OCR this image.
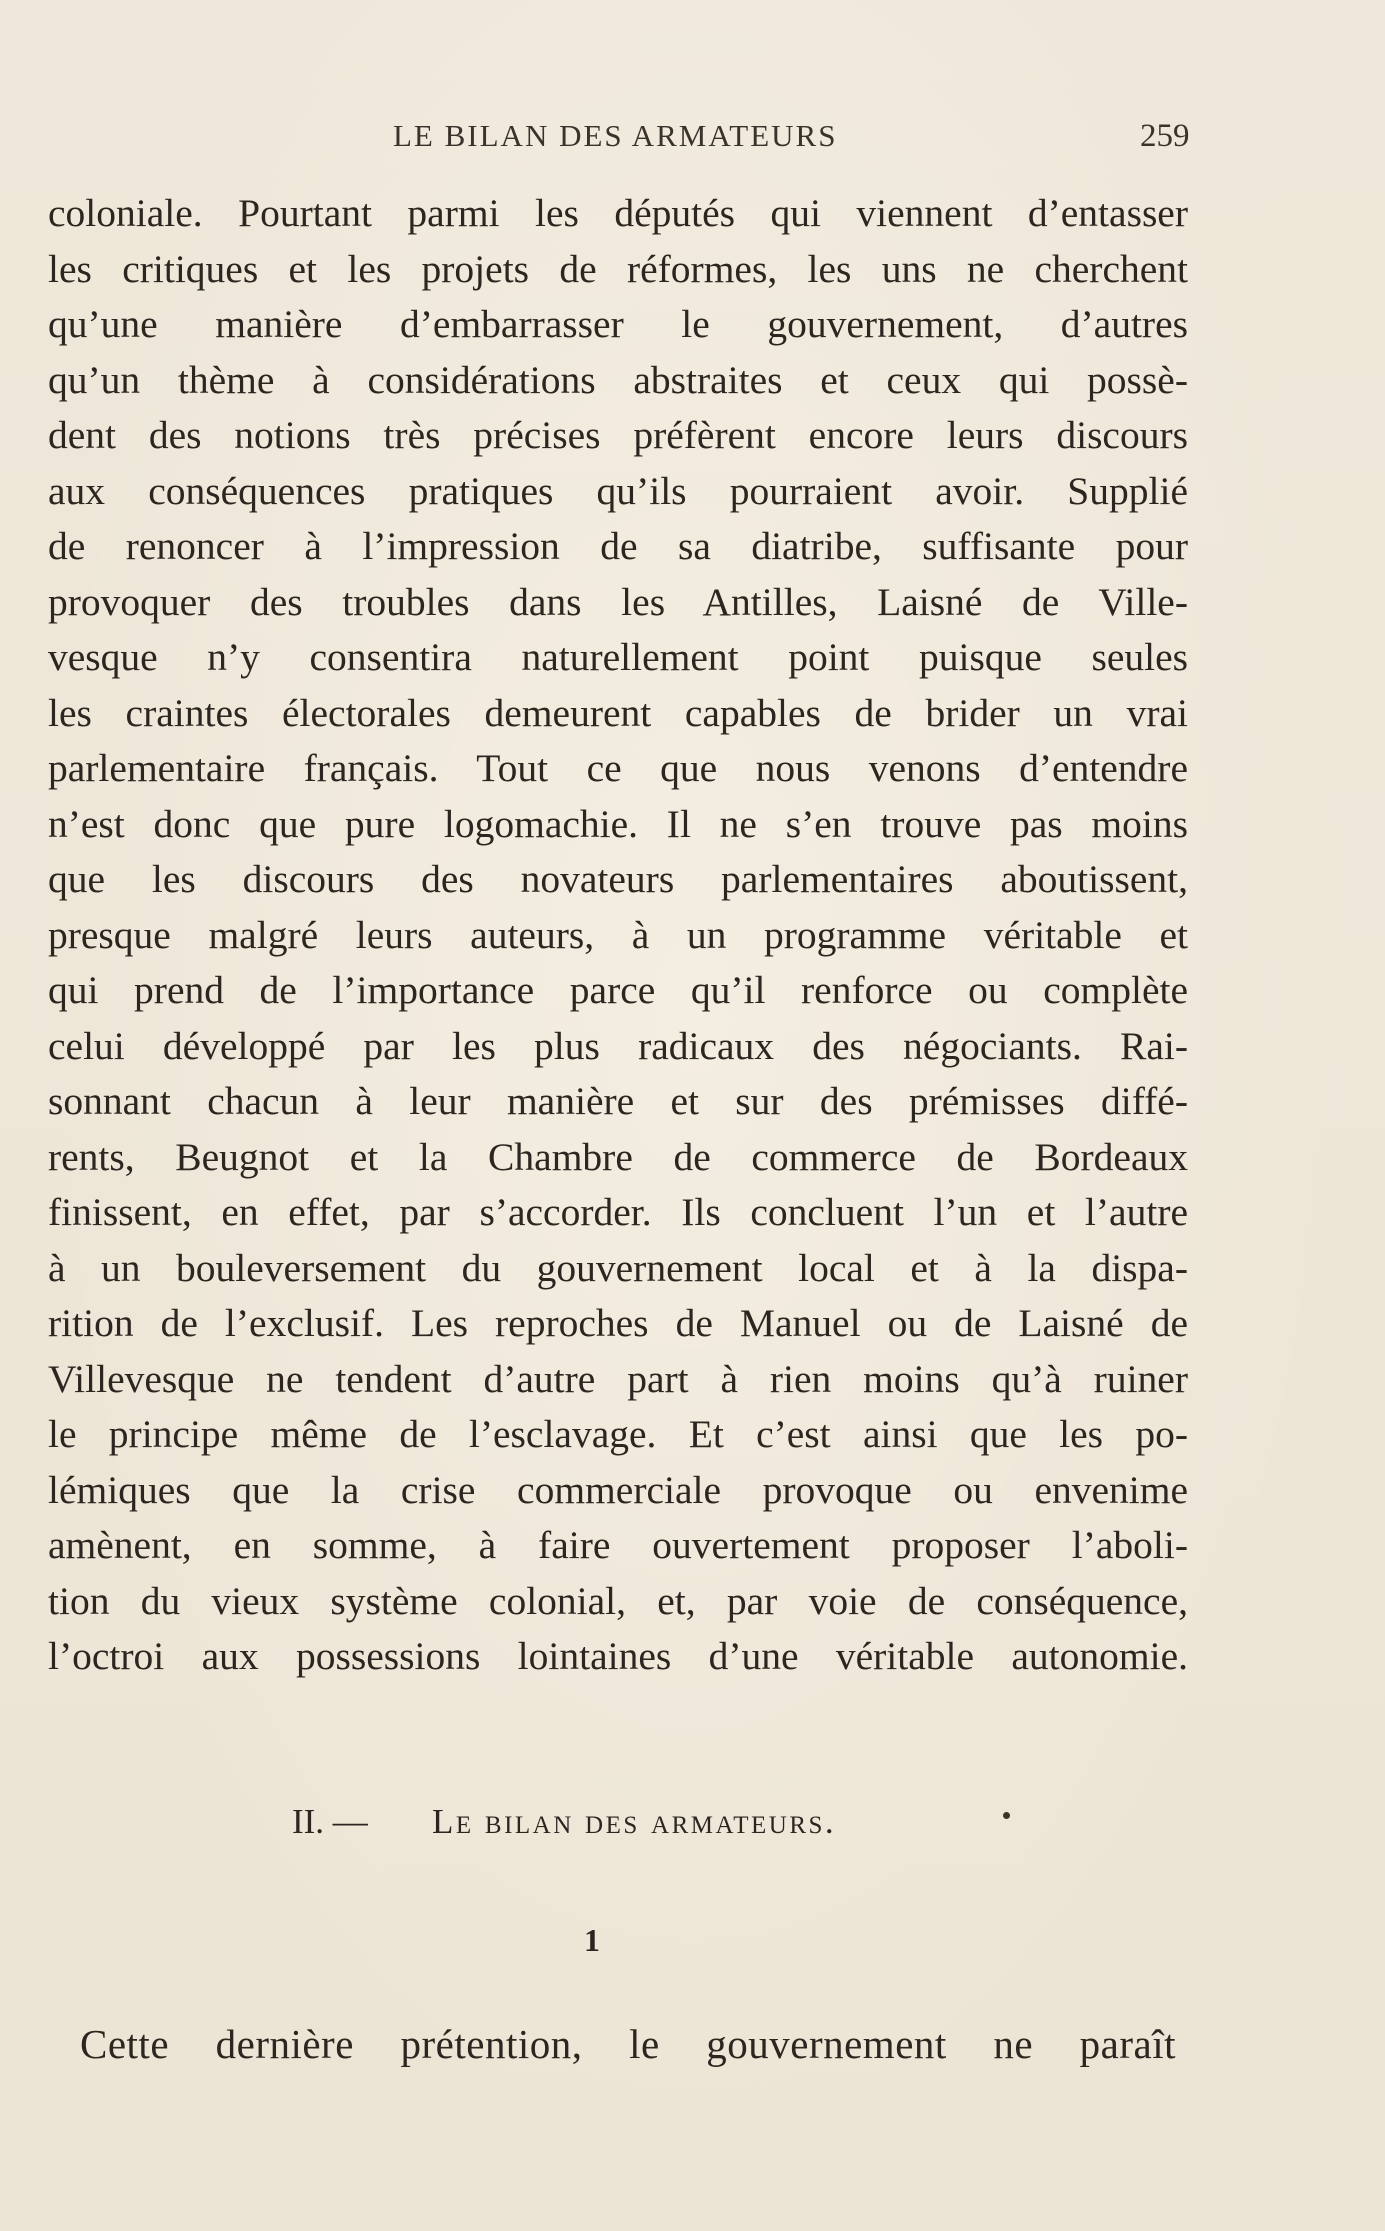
LE BILAN DES ARMATEURS	259
coloniale. Pourtant parmi les députés qui viennent d’entasser
les critiques et les projets de réformes, les uns ne cherchent
qu’une manière d’embarrasser le gouvernement, d’autres
qu’un thème à considérations abstraites et ceux qui possè-
dent des notions très précises préfèrent encore leurs discours
aux conséquences pratiques qu’ils pourraient avoir. Supplié
de renoncer à l’impression de sa diatribe, suffisante pour
provoquer des troubles dans les Antilles, Laisné de Ville-
vesque n’y consentira naturellement point puisque seules
les craintes électorales demeurent capables de brider un vrai
parlementaire français. Tout ce que nous venons d’entendre
n’est donc que pure logomachie. Il ne s’en trouve pas moins
que les discours des novateurs parlementaires aboutissent,
presque malgré leurs auteurs, à un programme véritable et
qui prend de l’importance parce qu’il renforce ou complète
celui développé par les plus radicaux des négociants. Rai-
sonnant chacun à leur manière et sur des prémisses diffé-
rents, Beugnot et la Chambre de commerce de Bordeaux
finissent, en effet, par s’accorder. Ils concluent l’un et l’autre
à un bouleversement du gouvernement local et à la dispa-
rition de l’exclusif. Les reproches de Manuel ou de Laisné de
Villevesque ne tendent d’autre part à rien moins qu’à ruiner
le principe même de l’esclavage. Et c’est ainsi que les po-
lémiques que la crise commerciale provoque ou envenime
amènent, en somme, à faire ouvertement proposer l’aboli-
tion du vieux système colonial, et, par voie de conséquence,
l’octroi aux possessions lointaines d’une véritable autonomie.
II. — Le bilan des armateurs.
1
Cette dernière prétention, le gouvernement ne paraît
